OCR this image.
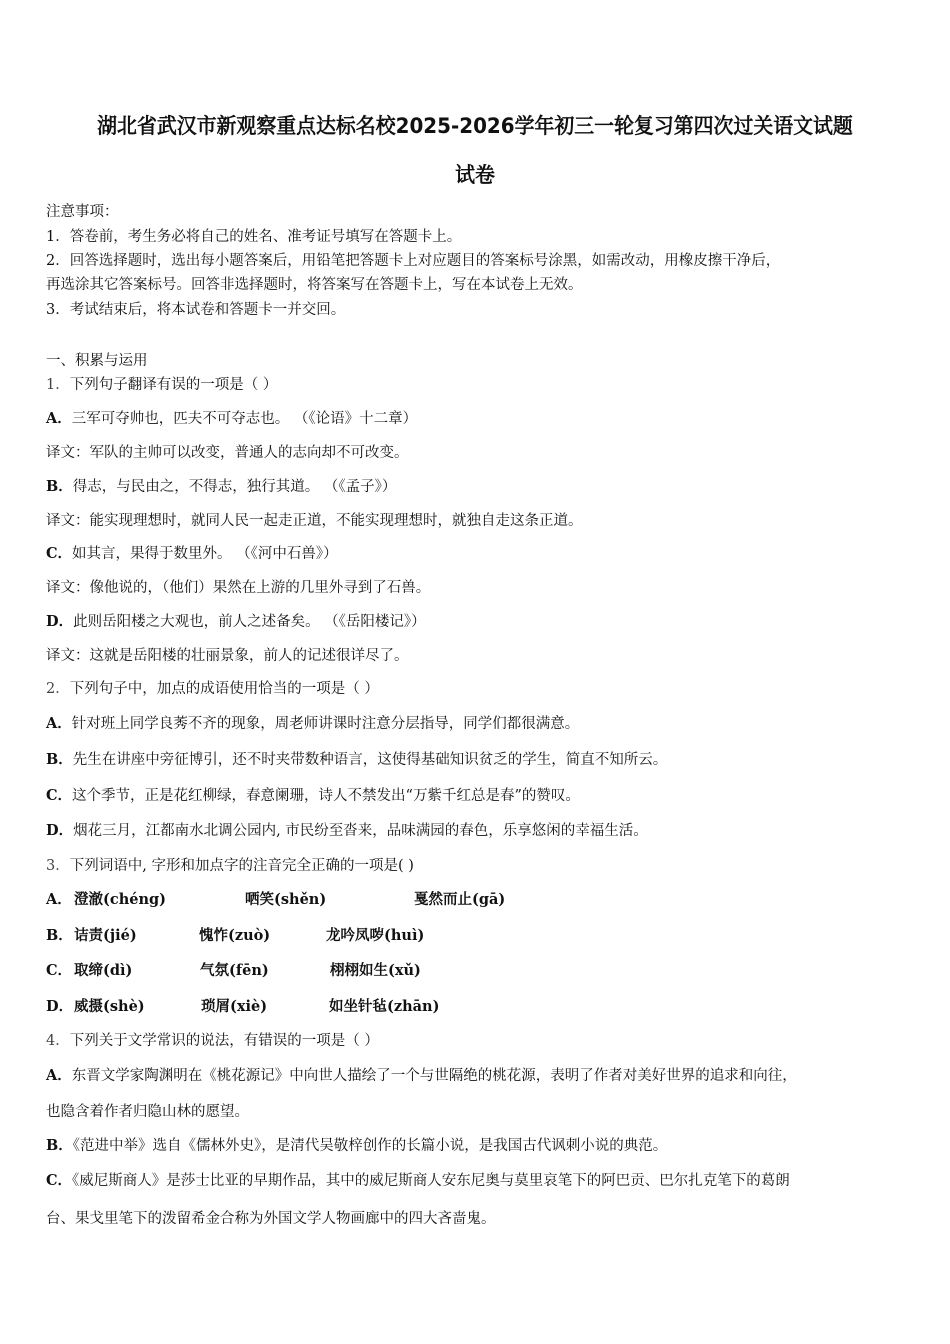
湖北省武汉市新观察重点达标名校2025-2026学年初三一轮复习第四次过关语文试题
试卷
注意事项：
1．答卷前，考生务必将自己的姓名、准考证号填写在答题卡上。
2．回答选择题时，选出每小题答案后，用铅笔把答题卡上对应题目的答案标号涂黑，如需改动，用橡皮擦干净后，
再选涂其它答案标号。回答非选择题时，将答案写在答题卡上，写在本试卷上无效。
3．考试结束后，将本试卷和答题卡一并交回。
一、积累与运用
1．下列句子翻译有误的一项是（ ）
A．三军可夺帅也，匹夫不可夺志也。 （《论语》十二章）
译文：军队的主帅可以改变，普通人的志向却不可改变。
B．得志，与民由之，不得志，独行其道。 （《孟子》）
译文：能实现理想时，就同人民一起走正道，不能实现理想时，就独自走这条正道。
C．如其言，果得于数里外。 （《河中石兽》）
译文：像他说的，（他们）果然在上游的几里外寻到了石兽。
D．此则岳阳楼之大观也，前人之述备矣。 （《岳阳楼记》）
译文：这就是岳阳楼的壮丽景象，前人的记述很详尽了。
2．下列句子中，加点的成语使用恰当的一项是（ ）
A．针对班上同学良莠不齐的现象，周老师讲课时注意分层指导，同学们都很满意。
B．先生在讲座中旁征博引，还不时夹带数种语言，这使得基础知识贫乏的学生，简直不知所云。
C．这个季节，正是花红柳绿，春意阑珊，诗人不禁发出“万紫千红总是春”的赞叹。
D．烟花三月，江都南水北调公园内, 市民纷至沓来，品味满园的春色，乐享悠闲的幸福生活。
3．下列词语中, 字形和加点字的注音完全正确的一项是( )
A． 澄澈(chéng)	哂笑(shěn)	戛然而止(gā)
B． 诘责(jié)	愧怍(zuò)	龙吟凤哕(huì)
C． 取缔(dì)	气氛(fēn)	栩栩如生(xǔ)
D． 威摄(shè)	琐屑(xiè)	如坐针毡(zhān)
4．下列关于文学常识的说法，有错误的一项是（ ）
A．东晋文学家陶渊明在《桃花源记》中向世人描绘了一个与世隔绝的桃花源，表明了作者对美好世界的追求和向往，
也隐含着作者归隐山林的愿望。
B．《范进中举》选自《儒林外史》，是清代吴敬梓创作的长篇小说，是我国古代讽刺小说的典范。
C．《威尼斯商人》是莎士比亚的早期作品，其中的威尼斯商人安东尼奥与莫里哀笔下的阿巴贡、巴尔扎克笔下的葛朗
台、果戈里笔下的泼留希金合称为外国文学人物画廊中的四大吝啬鬼。
